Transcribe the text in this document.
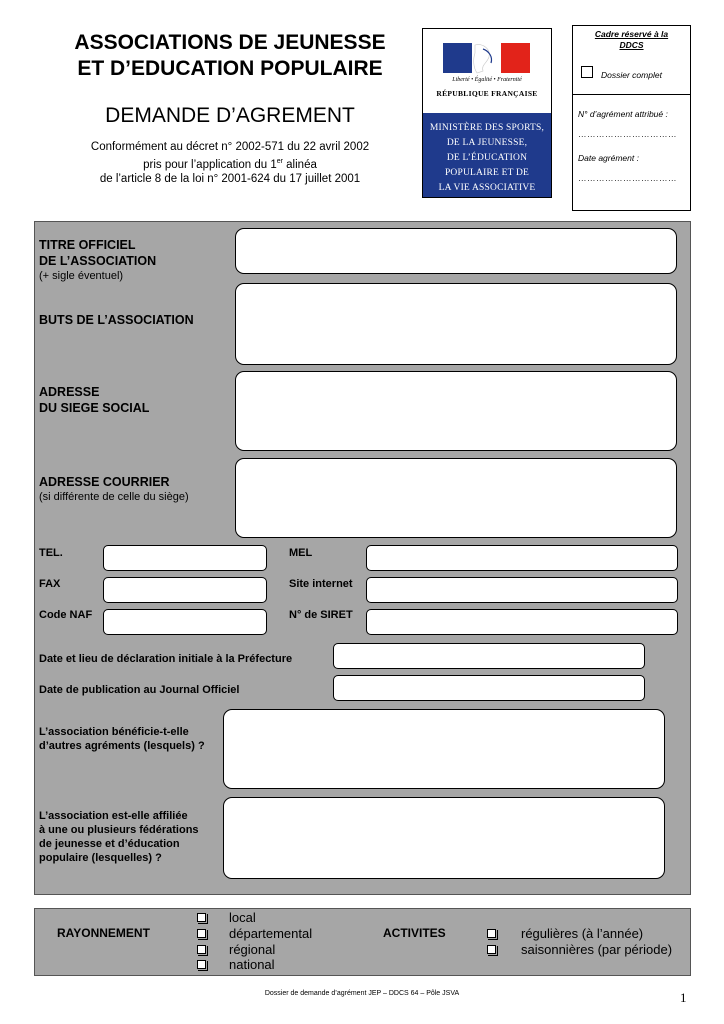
ASSOCIATIONS DE JEUNESSE
ET D’EDUCATION POPULAIRE
DEMANDE D’AGREMENT
Conformément au décret n° 2002-571 du 22 avril 2002
pris pour l’application du 1er alinéa
de l’article 8 de la loi n° 2001-624 du 17 juillet 2001
Liberté • Égalité • Fraternité
RÉPUBLIQUE FRANÇAISE
MINISTÈRE DES SPORTS,
DE LA JEUNESSE,
DE L’ÉDUCATION
POPULAIRE ET DE
LA VIE ASSOCIATIVE
Cadre réservé à la
DDCS
Dossier complet
N° d’agrément attribué :
……………………………
Date agrément :
……………………………
TITRE OFFICIEL
DE L’ASSOCIATION
(+ sigle éventuel)
BUTS DE L’ASSOCIATION
ADRESSE
DU SIEGE SOCIAL
ADRESSE COURRIER
(si différente de celle du siège)
TEL.	MEL
FAX	Site internet
Code NAF	N° de SIRET
Date et lieu de déclaration initiale à la Préfecture
Date de publication au Journal Officiel
L’association bénéficie-t-elle
d’autres agréments (lesquels) ?
L’association est-elle affiliée
à une ou plusieurs fédérations
de jeunesse et d’éducation
populaire (lesquelles) ?
RAYONNEMENT
local
départemental
régional
national
ACTIVITES	régulières (à l’année)
saisonnières (par période)
Dossier de demande d’agrément JEP – DDCS 64 – Pôle JSVA	1
